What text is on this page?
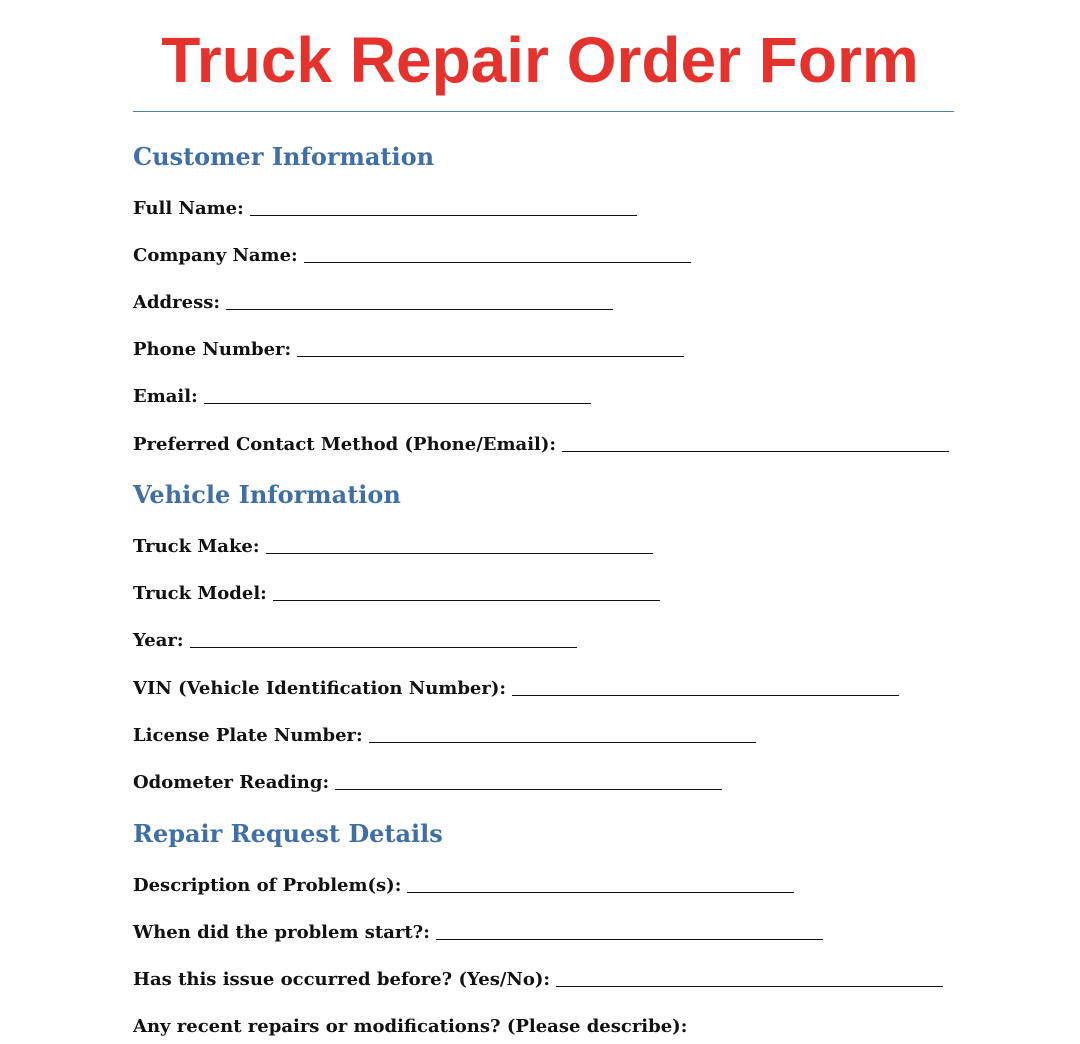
Truck Repair Order Form
Customer Information
Full Name:
Company Name:
Address:
Phone Number:
Email:
Preferred Contact Method (Phone/Email):
Vehicle Information
Truck Make:
Truck Model:
Year:
VIN (Vehicle Identification Number):
License Plate Number:
Odometer Reading:
Repair Request Details
Description of Problem(s):
When did the problem start?:
Has this issue occurred before? (Yes/No):
Any recent repairs or modifications? (Please describe):
